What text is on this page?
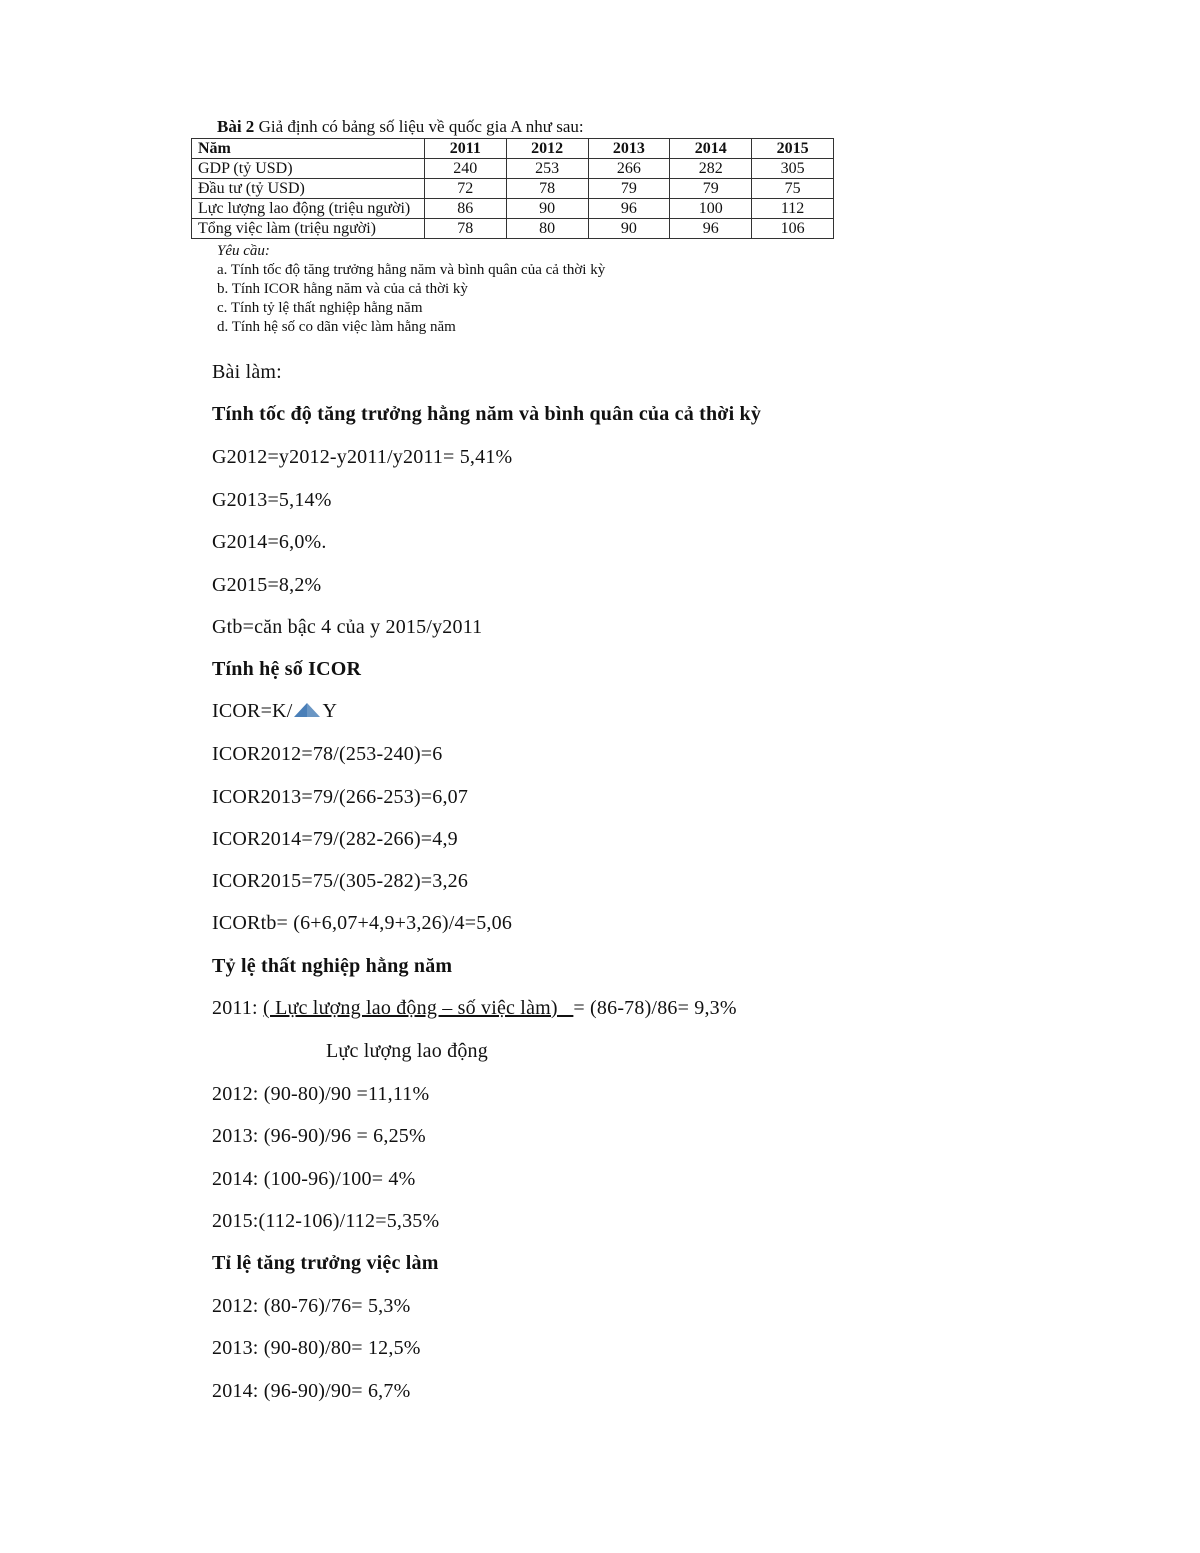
Bài 2 Giả định có bảng số liệu về quốc gia A như sau:
Năm	2011	2012	2013	2014	2015
GDP (tỷ USD)	240	253	266	282	305
Đầu tư (tỷ USD)	72	78	79	79	75
Lực lượng lao động (triệu người)	86	90	96	100	112
Tổng việc làm (triệu người)	78	80	90	96	106
Yêu cầu:
a. Tính tốc độ tăng trưởng hằng năm và bình quân của cả thời kỳ
b. Tính ICOR hằng năm và của cả thời kỳ
c. Tính tỷ lệ thất nghiệp hằng năm
d. Tính hệ số co dãn việc làm hằng năm
Bài làm:
Tính tốc độ tăng trưởng hằng năm và bình quân của cả thời kỳ
G2012=y2012-y2011/y2011= 5,41%
G2013=5,14%
G2014=6,0%.
G2015=8,2%
Gtb=căn bậc 4 của y 2015/y2011
Tính hệ số ICOR
ICOR=K/ Y
ICOR2012=78/(253-240)=6
ICOR2013=79/(266-253)=6,07
ICOR2014=79/(282-266)=4,9
ICOR2015=75/(305-282)=3,26
ICORtb= (6+6,07+4,9+3,26)/4=5,06
Tỷ lệ thất nghiệp hằng năm
2011: ( Lực lượng lao động – số việc làm)   = (86-78)/86= 9,3%
Lực lượng lao động
2012: (90-80)/90 =11,11%
2013: (96-90)/96 = 6,25%
2014: (100-96)/100= 4%
2015:(112-106)/112=5,35%
Tỉ lệ tăng trưởng việc làm
2012: (80-76)/76= 5,3%
2013: (90-80)/80= 12,5%
2014: (96-90)/90= 6,7%
